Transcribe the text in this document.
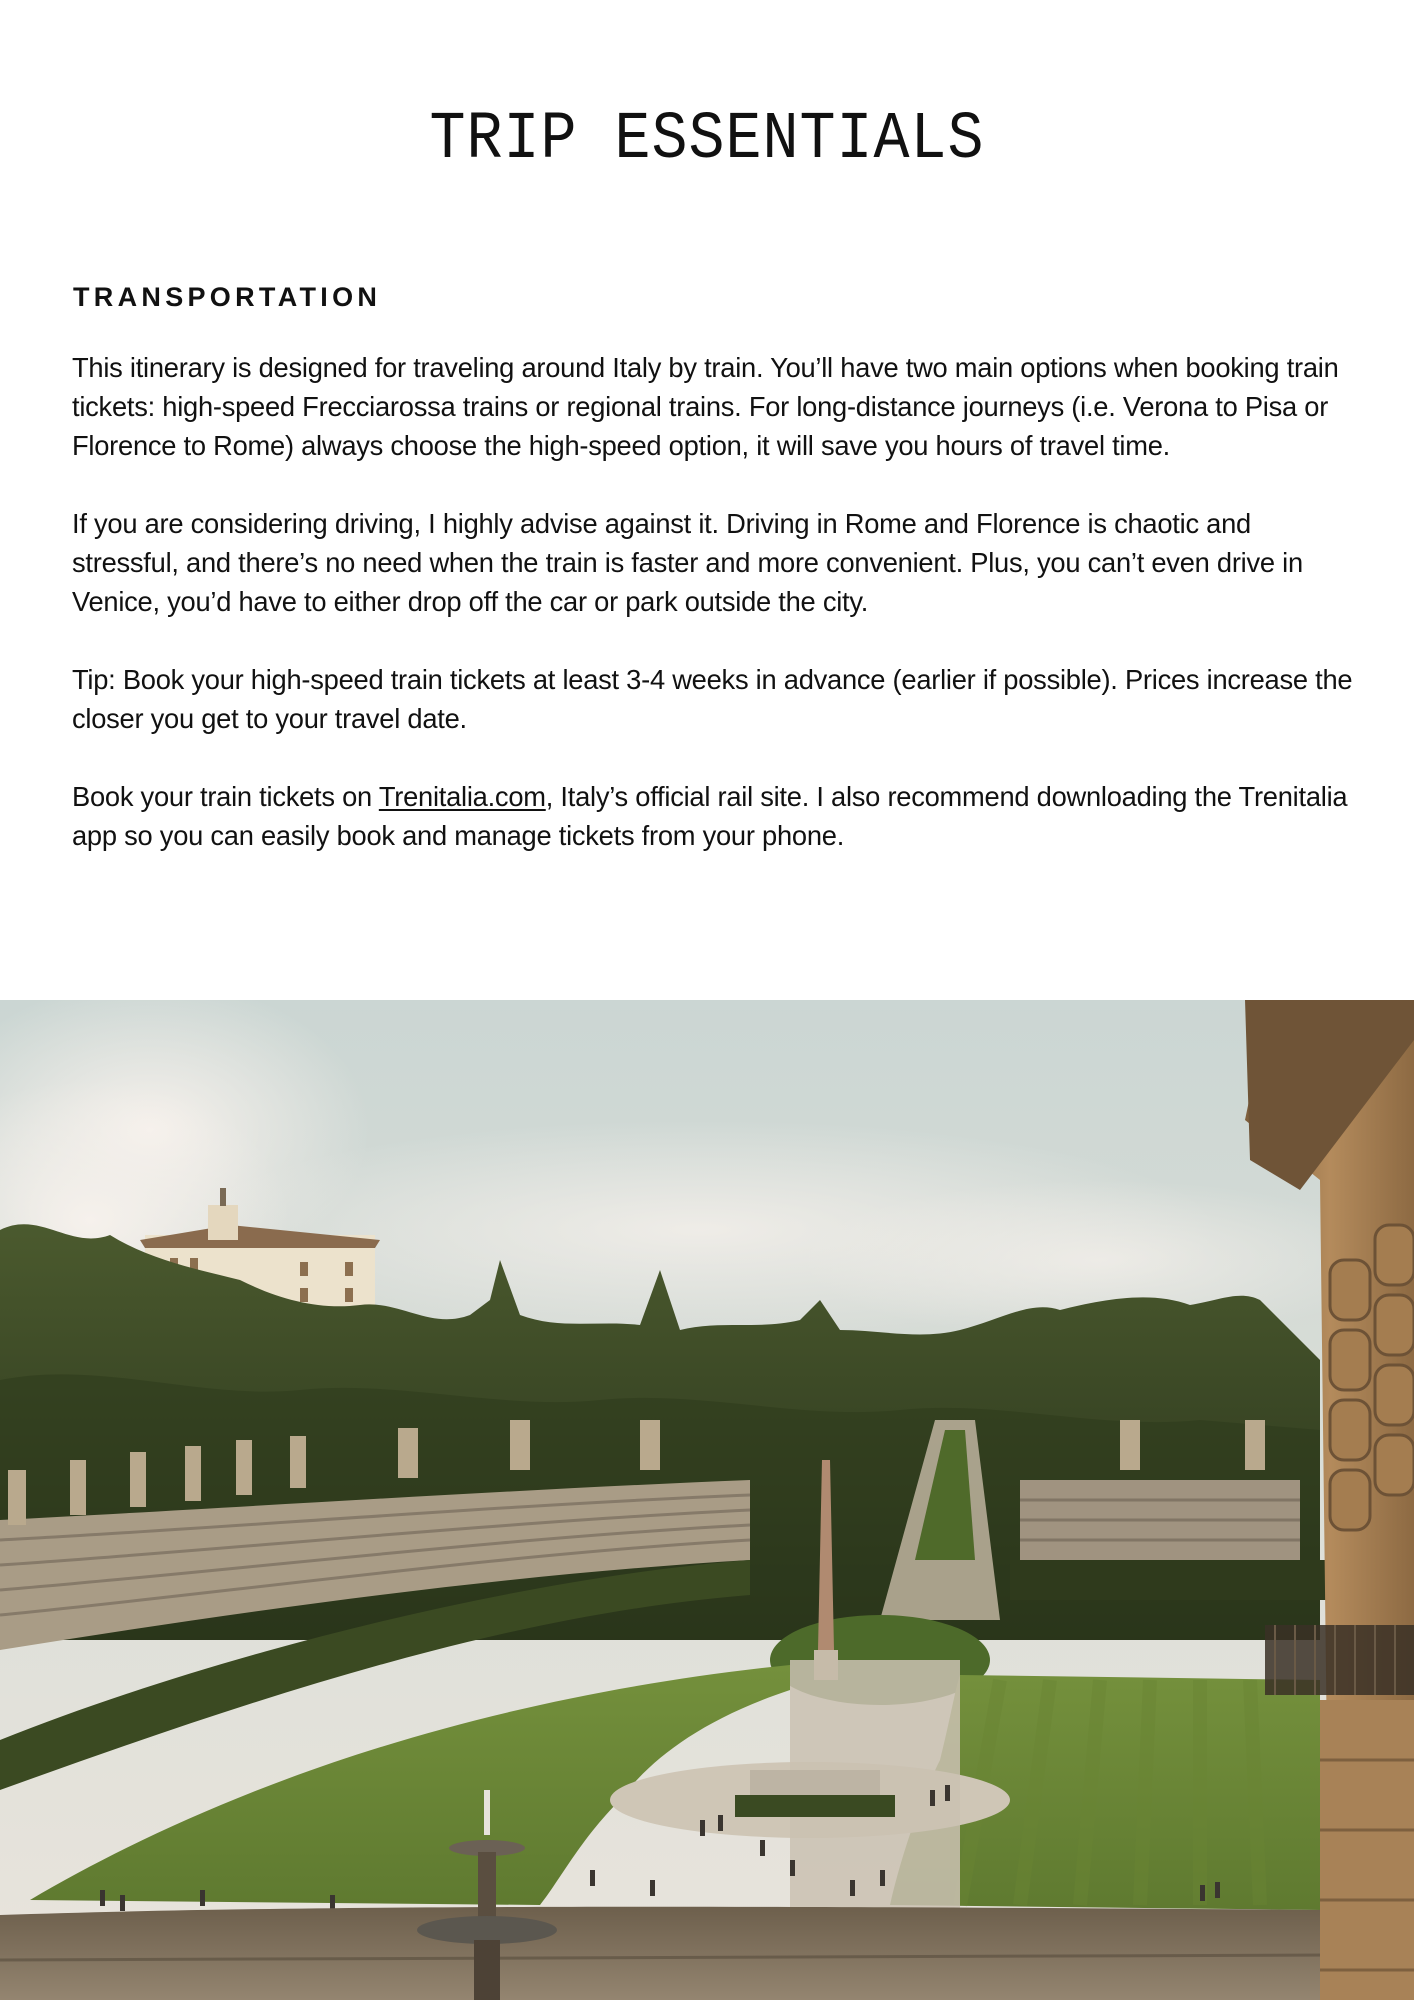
TRIP ESSENTIALS
TRANSPORTATION

This itinerary is designed for traveling around Italy by train. You’ll have two main options when booking train tickets: high-speed Frecciarossa trains or regional trains. For long-distance journeys (i.e. Verona to Pisa or Florence to Rome) always choose the high-speed option, it will save you hours of travel time.

If you are considering driving, I highly advise against it. Driving in Rome and Florence is chaotic and stressful, and there’s no need when the train is faster and more convenient. Plus, you can’t even drive in Venice, you’d have to either drop off the car or park outside the city.

Tip: Book your high-speed train tickets at least 3-4 weeks in advance (earlier if possible). Prices increase the closer you get to your travel date.

Book your train tickets on Trenitalia.com, Italy’s official rail site. I also recommend downloading the Trenitalia app so you can easily book and manage tickets from your phone.
